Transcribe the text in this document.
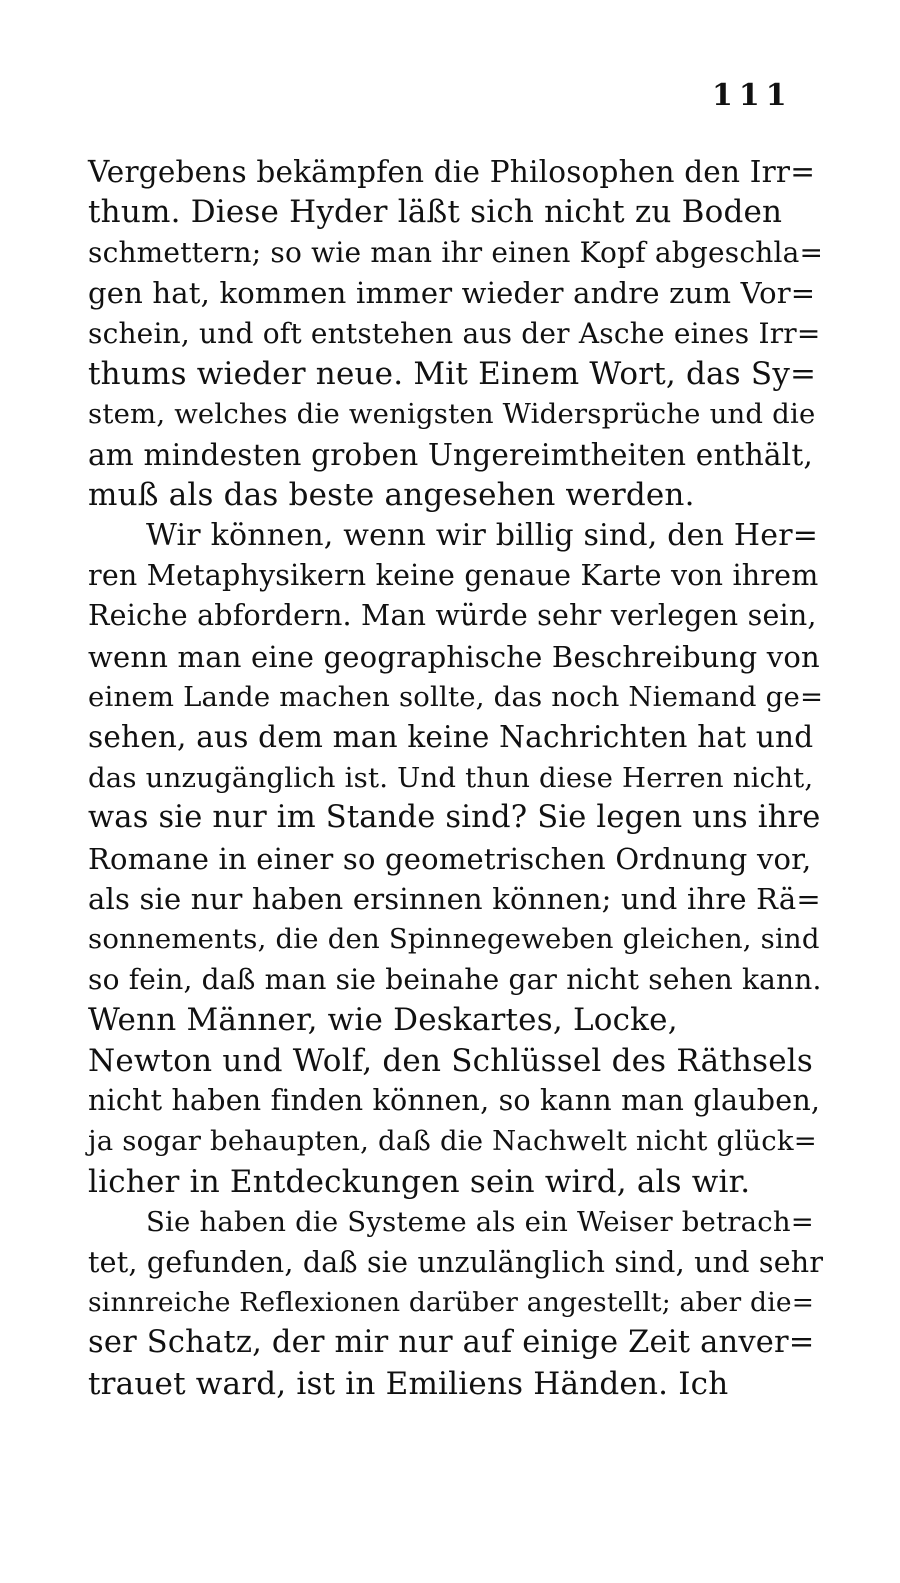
111
Vergebens bekämpfen die Philosophen den Irr=
thum. Diese Hyder läßt sich nicht zu Boden
schmettern; so wie man ihr einen Kopf abgeschla=
gen hat, kommen immer wieder andre zum Vor=
schein, und oft entstehen aus der Asche eines Irr=
thums wieder neue. Mit Einem Wort, das Sy=
stem, welches die wenigsten Widersprüche und die
am mindesten groben Ungereimtheiten enthält,
muß als das beste angesehen werden.
Wir können, wenn wir billig sind, den Her=
ren Metaphysikern keine genaue Karte von ihrem
Reiche abfordern. Man würde sehr verlegen sein,
wenn man eine geographische Beschreibung von
einem Lande machen sollte, das noch Niemand ge=
sehen, aus dem man keine Nachrichten hat und
das unzugänglich ist. Und thun diese Herren nicht,
was sie nur im Stande sind? Sie legen uns ihre
Romane in einer so geometrischen Ordnung vor,
als sie nur haben ersinnen können; und ihre Rä=
sonnements, die den Spinnegeweben gleichen, sind
so fein, daß man sie beinahe gar nicht sehen kann.
Wenn Männer, wie Deskartes, Locke,
Newton und Wolf, den Schlüssel des Räthsels
nicht haben finden können, so kann man glauben,
ja sogar behaupten, daß die Nachwelt nicht glück=
licher in Entdeckungen sein wird, als wir.
Sie haben die Systeme als ein Weiser betrach=
tet, gefunden, daß sie unzulänglich sind, und sehr
sinnreiche Reflexionen darüber angestellt; aber die=
ser Schatz, der mir nur auf einige Zeit anver=
trauet ward, ist in Emiliens Händen. Ich
